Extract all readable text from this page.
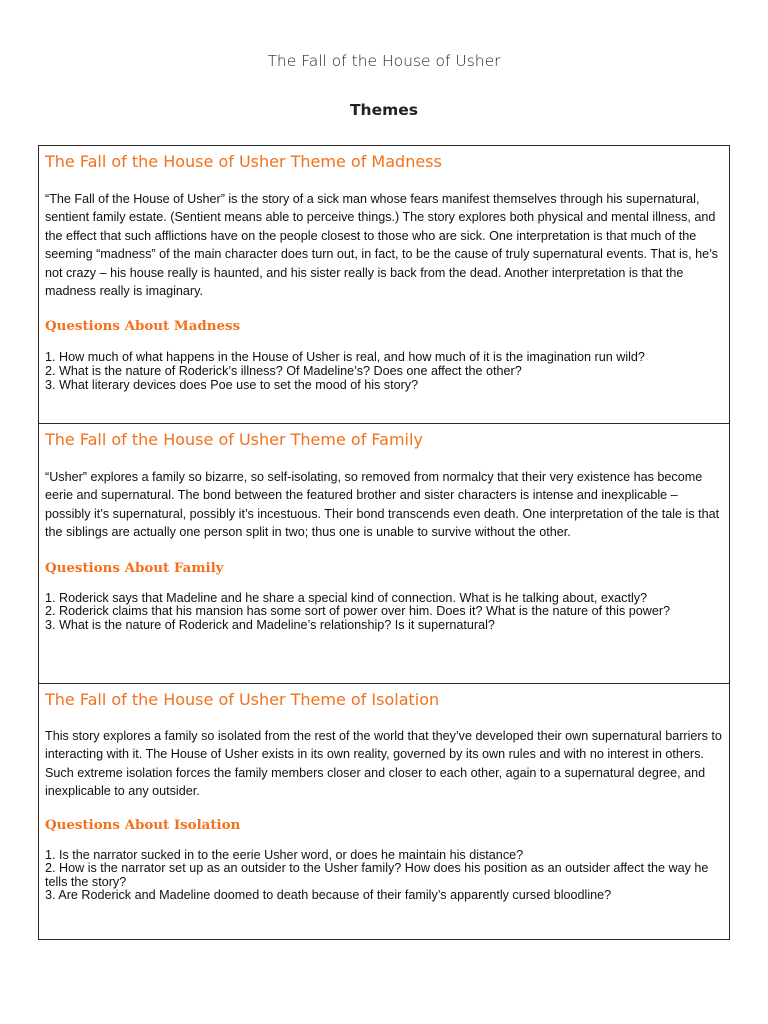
The Fall of the House of Usher
Themes
The Fall of the House of Usher Theme of Madness

“The Fall of the House of Usher” is the story of a sick man whose fears manifest themselves through his supernatural, sentient family estate. (Sentient means able to perceive things.) The story explores both physical and mental illness, and the effect that such afflictions have on the people closest to those who are sick. One interpretation is that much of the seeming “madness” of the main character does turn out, in fact, to be the cause of truly supernatural events. That is, he’s not crazy – his house really is haunted, and his sister really is back from the dead. Another interpretation is that the madness really is imaginary.

Questions About Madness
1. How much of what happens in the House of Usher is real, and how much of it is the imagination run wild?
2. What is the nature of Roderick’s illness? Of Madeline’s? Does one affect the other?
3. What literary devices does Poe use to set the mood of his story?
The Fall of the House of Usher Theme of Family

“Usher” explores a family so bizarre, so self-isolating, so removed from normalcy that their very existence has become eerie and supernatural. The bond between the featured brother and sister characters is intense and inexplicable – possibly it’s supernatural, possibly it’s incestuous. Their bond transcends even death. One interpretation of the tale is that the siblings are actually one person split in two; thus one is unable to survive without the other.

Questions About Family
1. Roderick says that Madeline and he share a special kind of connection. What is he talking about, exactly?
2. Roderick claims that his mansion has some sort of power over him. Does it? What is the nature of this power?
3. What is the nature of Roderick and Madeline’s relationship? Is it supernatural?
The Fall of the House of Usher Theme of Isolation

This story explores a family so isolated from the rest of the world that they’ve developed their own supernatural barriers to interacting with it. The House of Usher exists in its own reality, governed by its own rules and with no interest in others. Such extreme isolation forces the family members closer and closer to each other, again to a supernatural degree, and inexplicable to any outsider.

Questions About Isolation
1. Is the narrator sucked in to the eerie Usher word, or does he maintain his distance?
2. How is the narrator set up as an outsider to the Usher family? How does his position as an outsider affect the way he tells the story?
3. Are Roderick and Madeline doomed to death because of their family’s apparently cursed bloodline?
